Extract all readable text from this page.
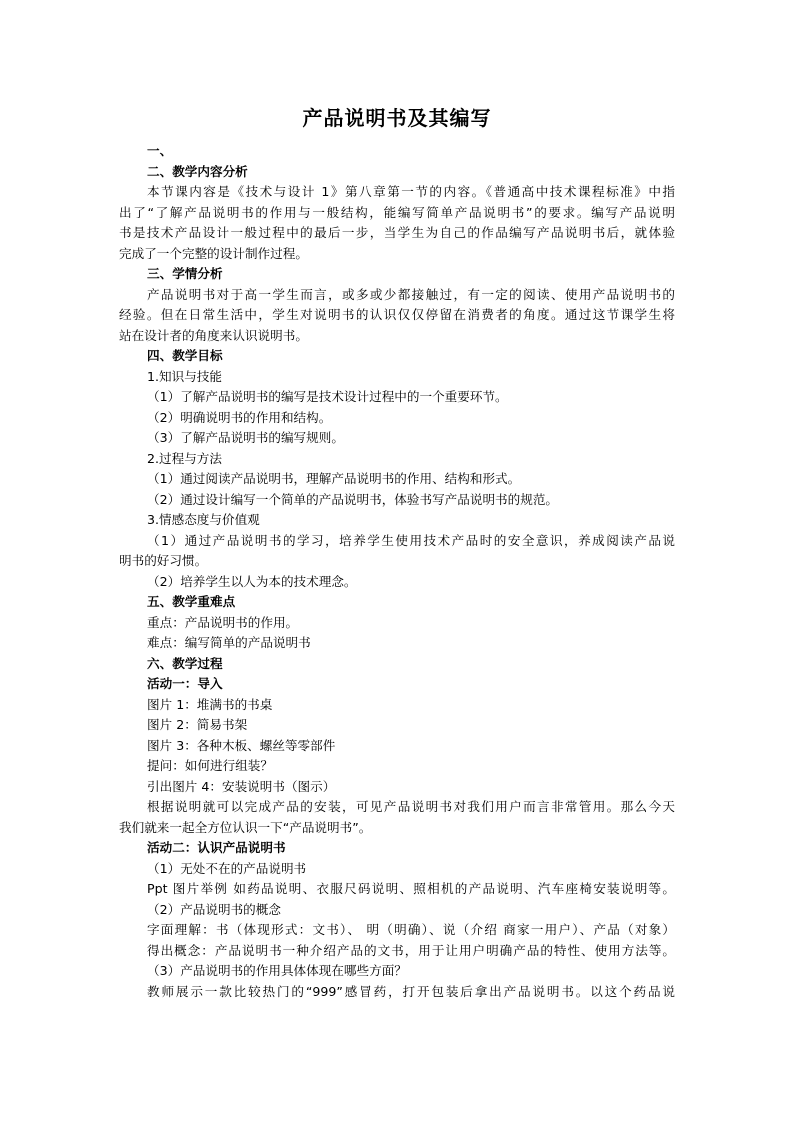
产品说明书及其编写
一、
二、教学内容分析
本节课内容是《技术与设计 1》第八章第一节的内容。《普通高中技术课程标准》中指
出了“了解产品说明书的作用与一般结构，能编写简单产品说明书”的要求。编写产品说明
书是技术产品设计一般过程中的最后一步，当学生为自己的作品编写产品说明书后，就体验
完成了一个完整的设计制作过程。
三、学情分析
产品说明书对于高一学生而言，或多或少都接触过，有一定的阅读、使用产品说明书的
经验。但在日常生活中，学生对说明书的认识仅仅停留在消费者的角度。通过这节课学生将
站在设计者的角度来认识说明书。
四、教学目标
1.知识与技能
（1）了解产品说明书的编写是技术设计过程中的一个重要环节。
（2）明确说明书的作用和结构。
（3）了解产品说明书的编写规则。
2.过程与方法
（1）通过阅读产品说明书，理解产品说明书的作用、结构和形式。
（2）通过设计编写一个简单的产品说明书，体验书写产品说明书的规范。
3.情感态度与价值观
（1）通过产品说明书的学习，培养学生使用技术产品时的安全意识，养成阅读产品说
明书的好习惯。
（2）培养学生以人为本的技术理念。
五、教学重难点
重点：产品说明书的作用。
难点：编写简单的产品说明书
六、教学过程
活动一：导入
图片 1：堆满书的书桌
图片 2：简易书架
图片 3：各种木板、螺丝等零部件
提问：如何进行组装？
引出图片 4：安装说明书（图示）
根据说明就可以完成产品的安装，可见产品说明书对我们用户而言非常管用。那么今天
我们就来一起全方位认识一下“产品说明书”。
活动二：认识产品说明书
（1）无处不在的产品说明书
Ppt 图片举例 如药品说明、衣服尺码说明、照相机的产品说明、汽车座椅安装说明等。
（2）产品说明书的概念
字面理解：书（体现形式：文书）、 明（明确）、说（介绍 商家一用户）、产品（对象）
得出概念：产品说明书一种介绍产品的文书，用于让用户明确产品的特性、使用方法等。
（3）产品说明书的作用具体体现在哪些方面？
教师展示一款比较热门的“999”感冒药，打开包装后拿出产品说明书。以这个药品说
